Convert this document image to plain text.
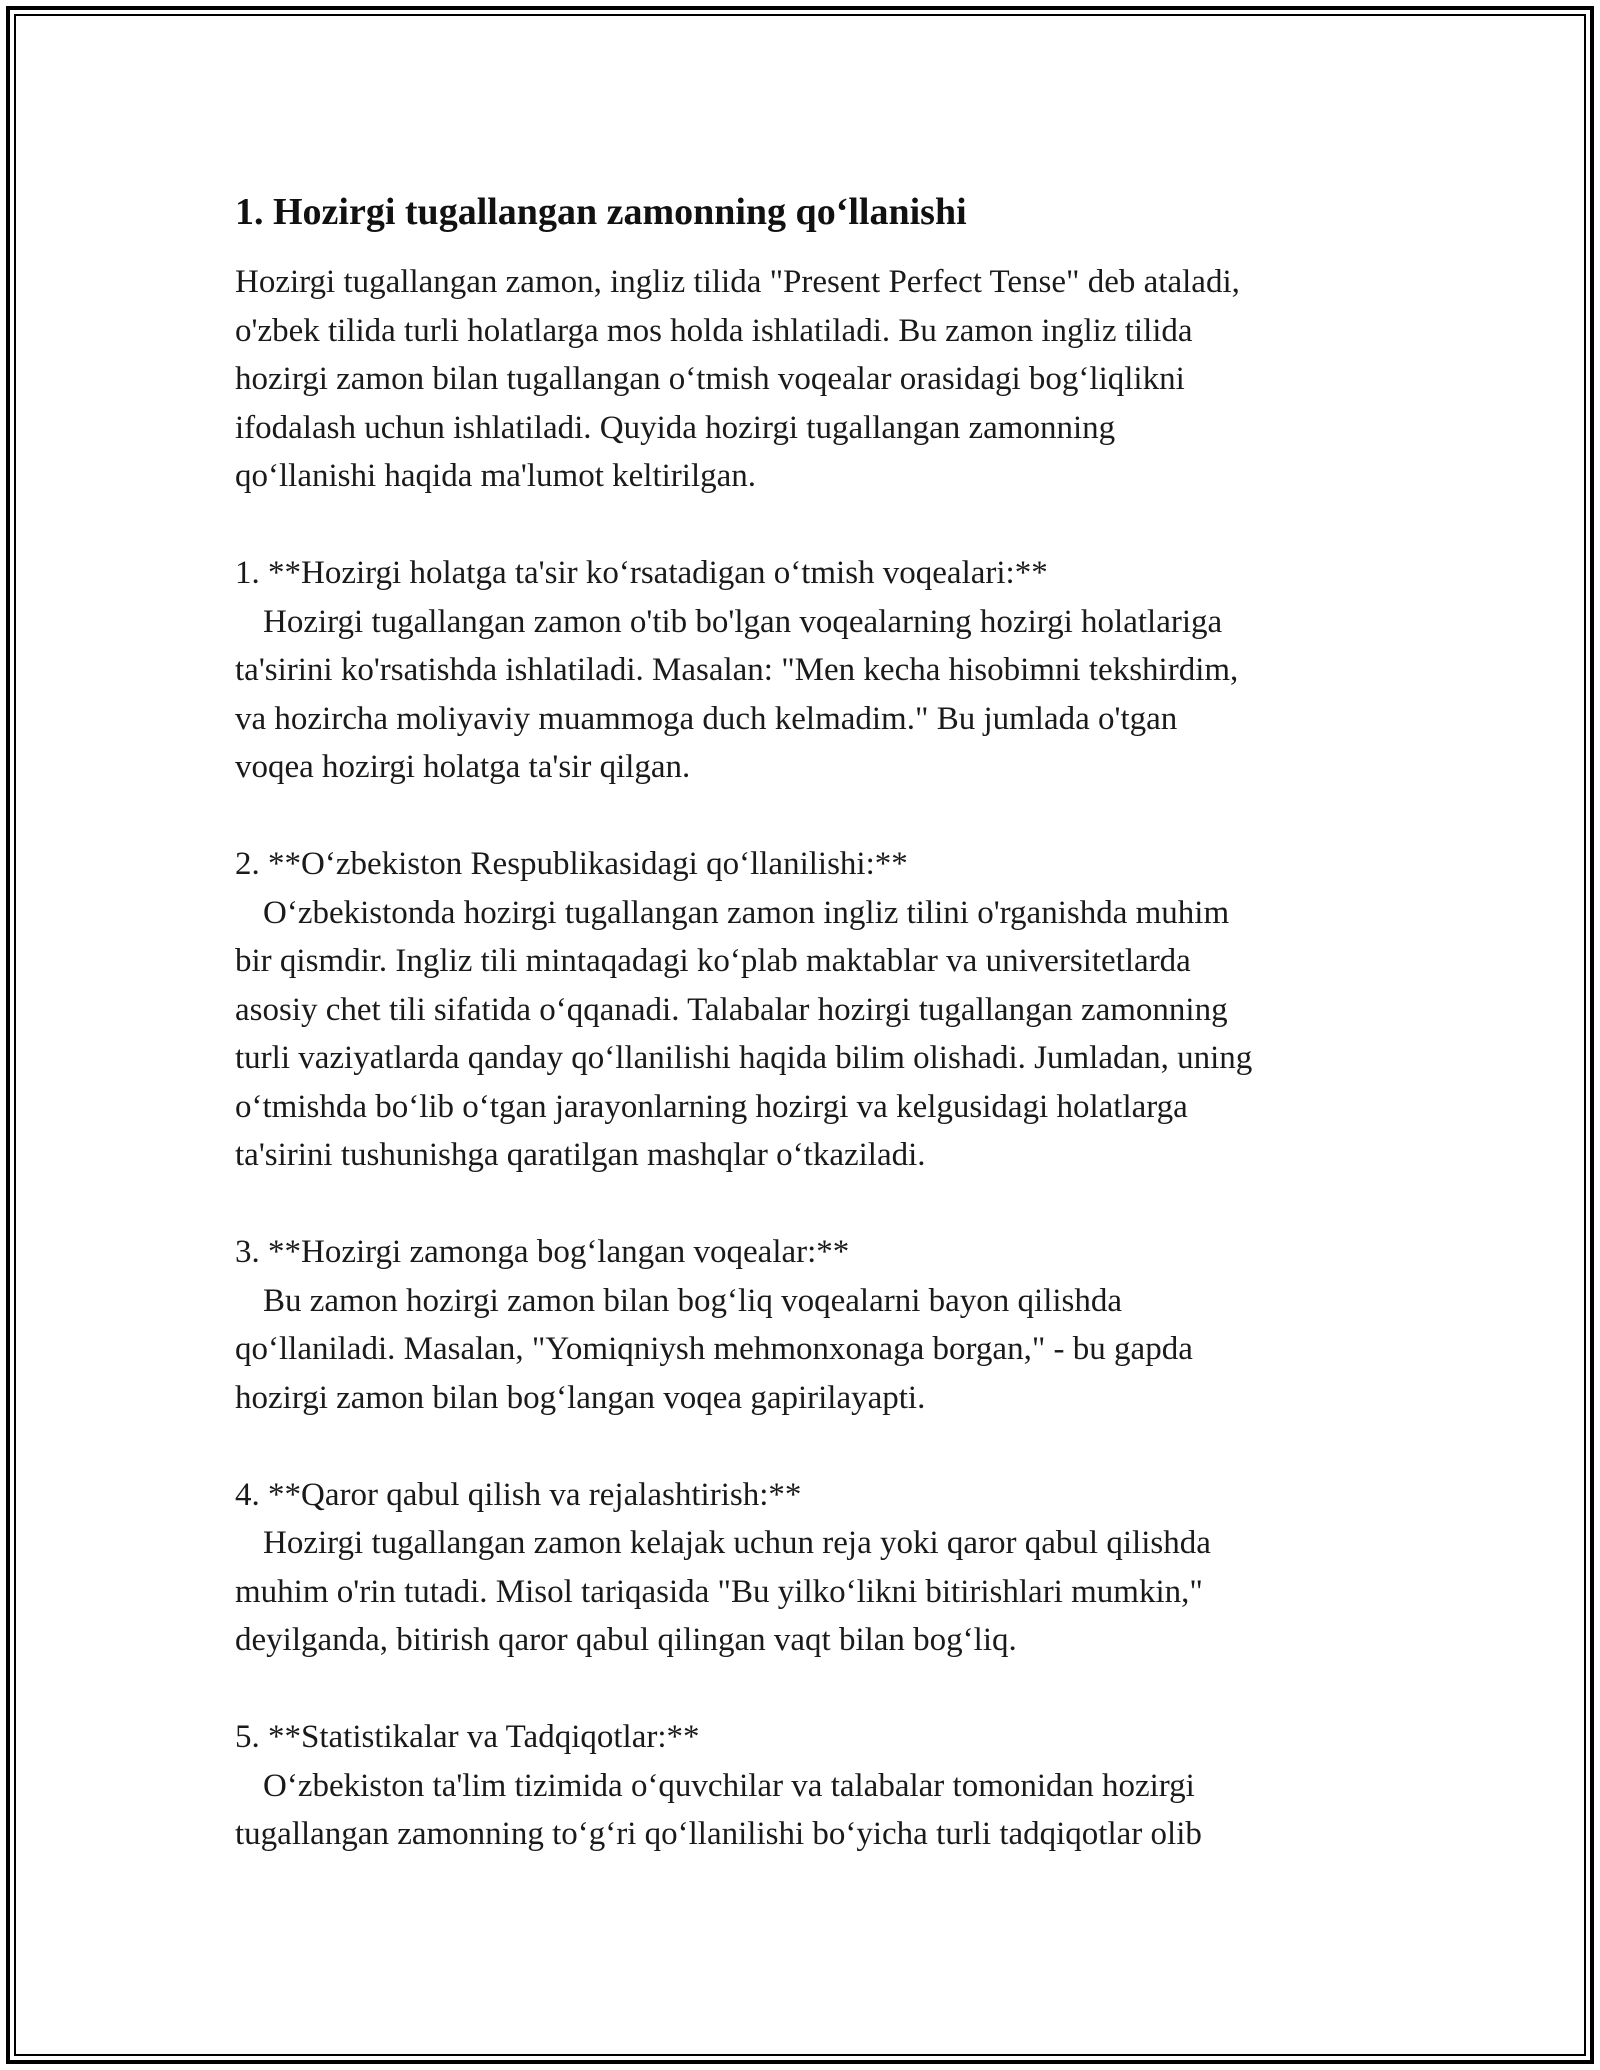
1. Hozirgi tugallangan zamonning qo‘llanishi

Hozirgi tugallangan zamon, ingliz tilida "Present Perfect Tense" deb ataladi,
o'zbek tilida turli holatlarga mos holda ishlatiladi. Bu zamon ingliz tilida
hozirgi zamon bilan tugallangan o‘tmish voqealar orasidagi bog‘liqlikni
ifodalash uchun ishlatiladi. Quyida hozirgi tugallangan zamonning
qo‘llanishi haqida ma'lumot keltirilgan.

1. **Hozirgi holatga ta'sir ko‘rsatadigan o‘tmish voqealari:**

Hozirgi tugallangan zamon o'tib bo'lgan voqealarning hozirgi holatlariga
ta'sirini ko'rsatishda ishlatiladi. Masalan: "Men kecha hisobimni tekshirdim,
va hozircha moliyaviy muammoga duch kelmadim." Bu jumlada o'tgan
voqea hozirgi holatga ta'sir qilgan.

2. **O‘zbekiston Respublikasidagi qo‘llanilishi:**

O‘zbekistonda hozirgi tugallangan zamon ingliz tilini o'rganishda muhim
bir qismdir. Ingliz tili mintaqadagi ko‘plab maktablar va universitetlarda
asosiy chet tili sifatida o‘qqanadi. Talabalar hozirgi tugallangan zamonning
turli vaziyatlarda qanday qo‘llanilishi haqida bilim olishadi. Jumladan, uning
o‘tmishda bo‘lib o‘tgan jarayonlarning hozirgi va kelgusidagi holatlarga
ta'sirini tushunishga qaratilgan mashqlar o‘tkaziladi.

3. **Hozirgi zamonga bog‘langan voqealar:**

Bu zamon hozirgi zamon bilan bog‘liq voqealarni bayon qilishda
qo‘llaniladi. Masalan, "Yomiqniysh mehmonxonaga borgan," - bu gapda
hozirgi zamon bilan bog‘langan voqea gapirilayapti.

4. **Qaror qabul qilish va rejalashtirish:**

Hozirgi tugallangan zamon kelajak uchun reja yoki qaror qabul qilishda
muhim o'rin tutadi. Misol tariqasida "Bu yilko‘likni bitirishlari mumkin,"
deyilganda, bitirish qaror qabul qilingan vaqt bilan bog‘liq.

5. **Statistikalar va Tadqiqotlar:**

O‘zbekiston ta'lim tizimida o‘quvchilar va talabalar tomonidan hozirgi
tugallangan zamonning to‘g‘ri qo‘llanilishi bo‘yicha turli tadqiqotlar olib
